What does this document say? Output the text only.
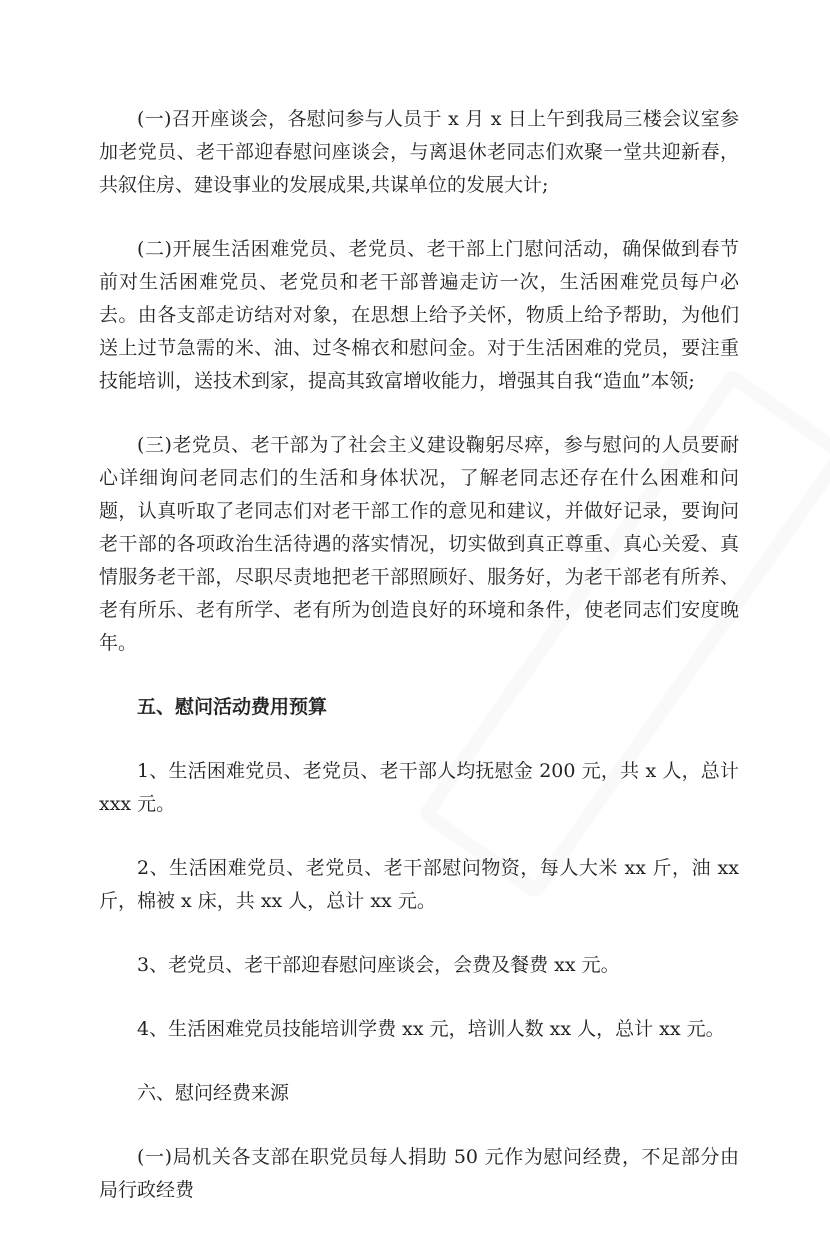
(一)召开座谈会，各慰问参与人员于 x 月 x 日上午到我局三楼会议室参加老党员、老干部迎春慰问座谈会，与离退休老同志们欢聚一堂共迎新春，共叙住房、建设事业的发展成果,共谋单位的发展大计;

(二)开展生活困难党员、老党员、老干部上门慰问活动，确保做到春节前对生活困难党员、老党员和老干部普遍走访一次，生活困难党员每户必去。由各支部走访结对对象，在思想上给予关怀，物质上给予帮助，为他们送上过节急需的米、油、过冬棉衣和慰问金。对于生活困难的党员，要注重技能培训，送技术到家，提高其致富增收能力，增强其自我“造血”本领;

(三)老党员、老干部为了社会主义建设鞠躬尽瘁，参与慰问的人员要耐心详细询问老同志们的生活和身体状况，了解老同志还存在什么困难和问题，认真听取了老同志们对老干部工作的意见和建议，并做好记录，要询问老干部的各项政治生活待遇的落实情况，切实做到真正尊重、真心关爱、真情服务老干部，尽职尽责地把老干部照顾好、服务好，为老干部老有所养、老有所乐、老有所学、老有所为创造良好的环境和条件，使老同志们安度晚年。

五、慰问活动费用预算

1、生活困难党员、老党员、老干部人均抚慰金 200 元，共 x 人，总计 xxx 元。

2、生活困难党员、老党员、老干部慰问物资，每人大米 xx 斤，油 xx 斤，棉被 x 床，共 xx 人，总计 xx 元。

3、老党员、老干部迎春慰问座谈会，会费及餐费 xx 元。

4、生活困难党员技能培训学费 xx 元，培训人数 xx 人，总计 xx 元。

六、慰问经费来源

(一)局机关各支部在职党员每人捐助 50 元作为慰问经费，不足部分由局行政经费
